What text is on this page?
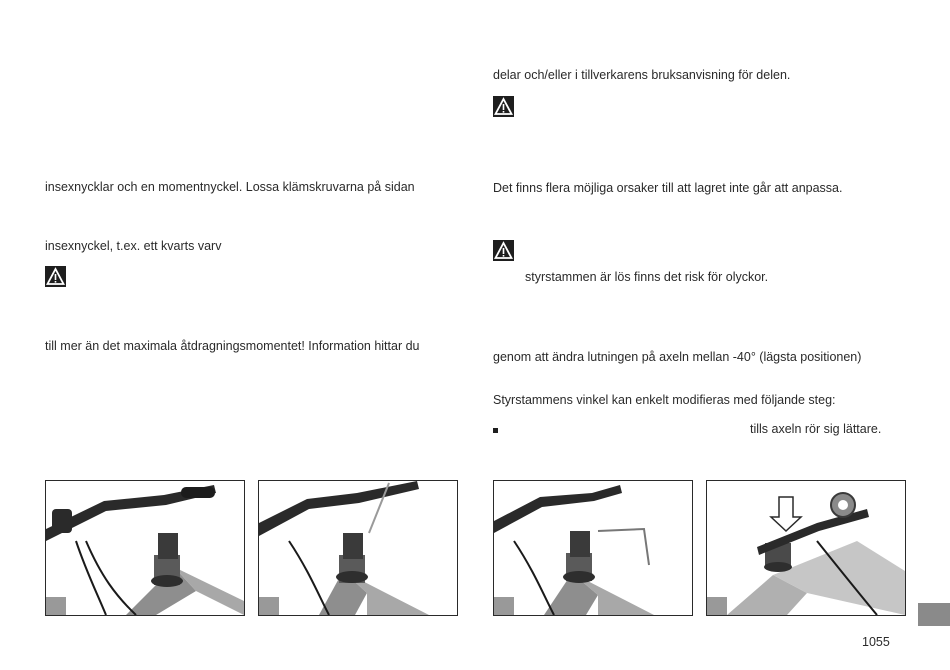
insexnycklar och en momentnyckel. Lossa klämskruvarna på sidan
insexnyckel, t.ex. ett kvarts varv
till mer än det maximala åtdragningsmomentet! Information hittar du
delar och/eller i tillverkarens bruksanvisning för delen.
Det finns flera möjliga orsaker till att lagret inte går att anpassa.
styrstammen är lös finns det risk för olyckor.
genom att ändra lutningen på axeln mellan -40° (lägsta positionen)
Styrstammens vinkel kan enkelt modifieras med följande steg:
tills axeln rör sig lättare.
1055
